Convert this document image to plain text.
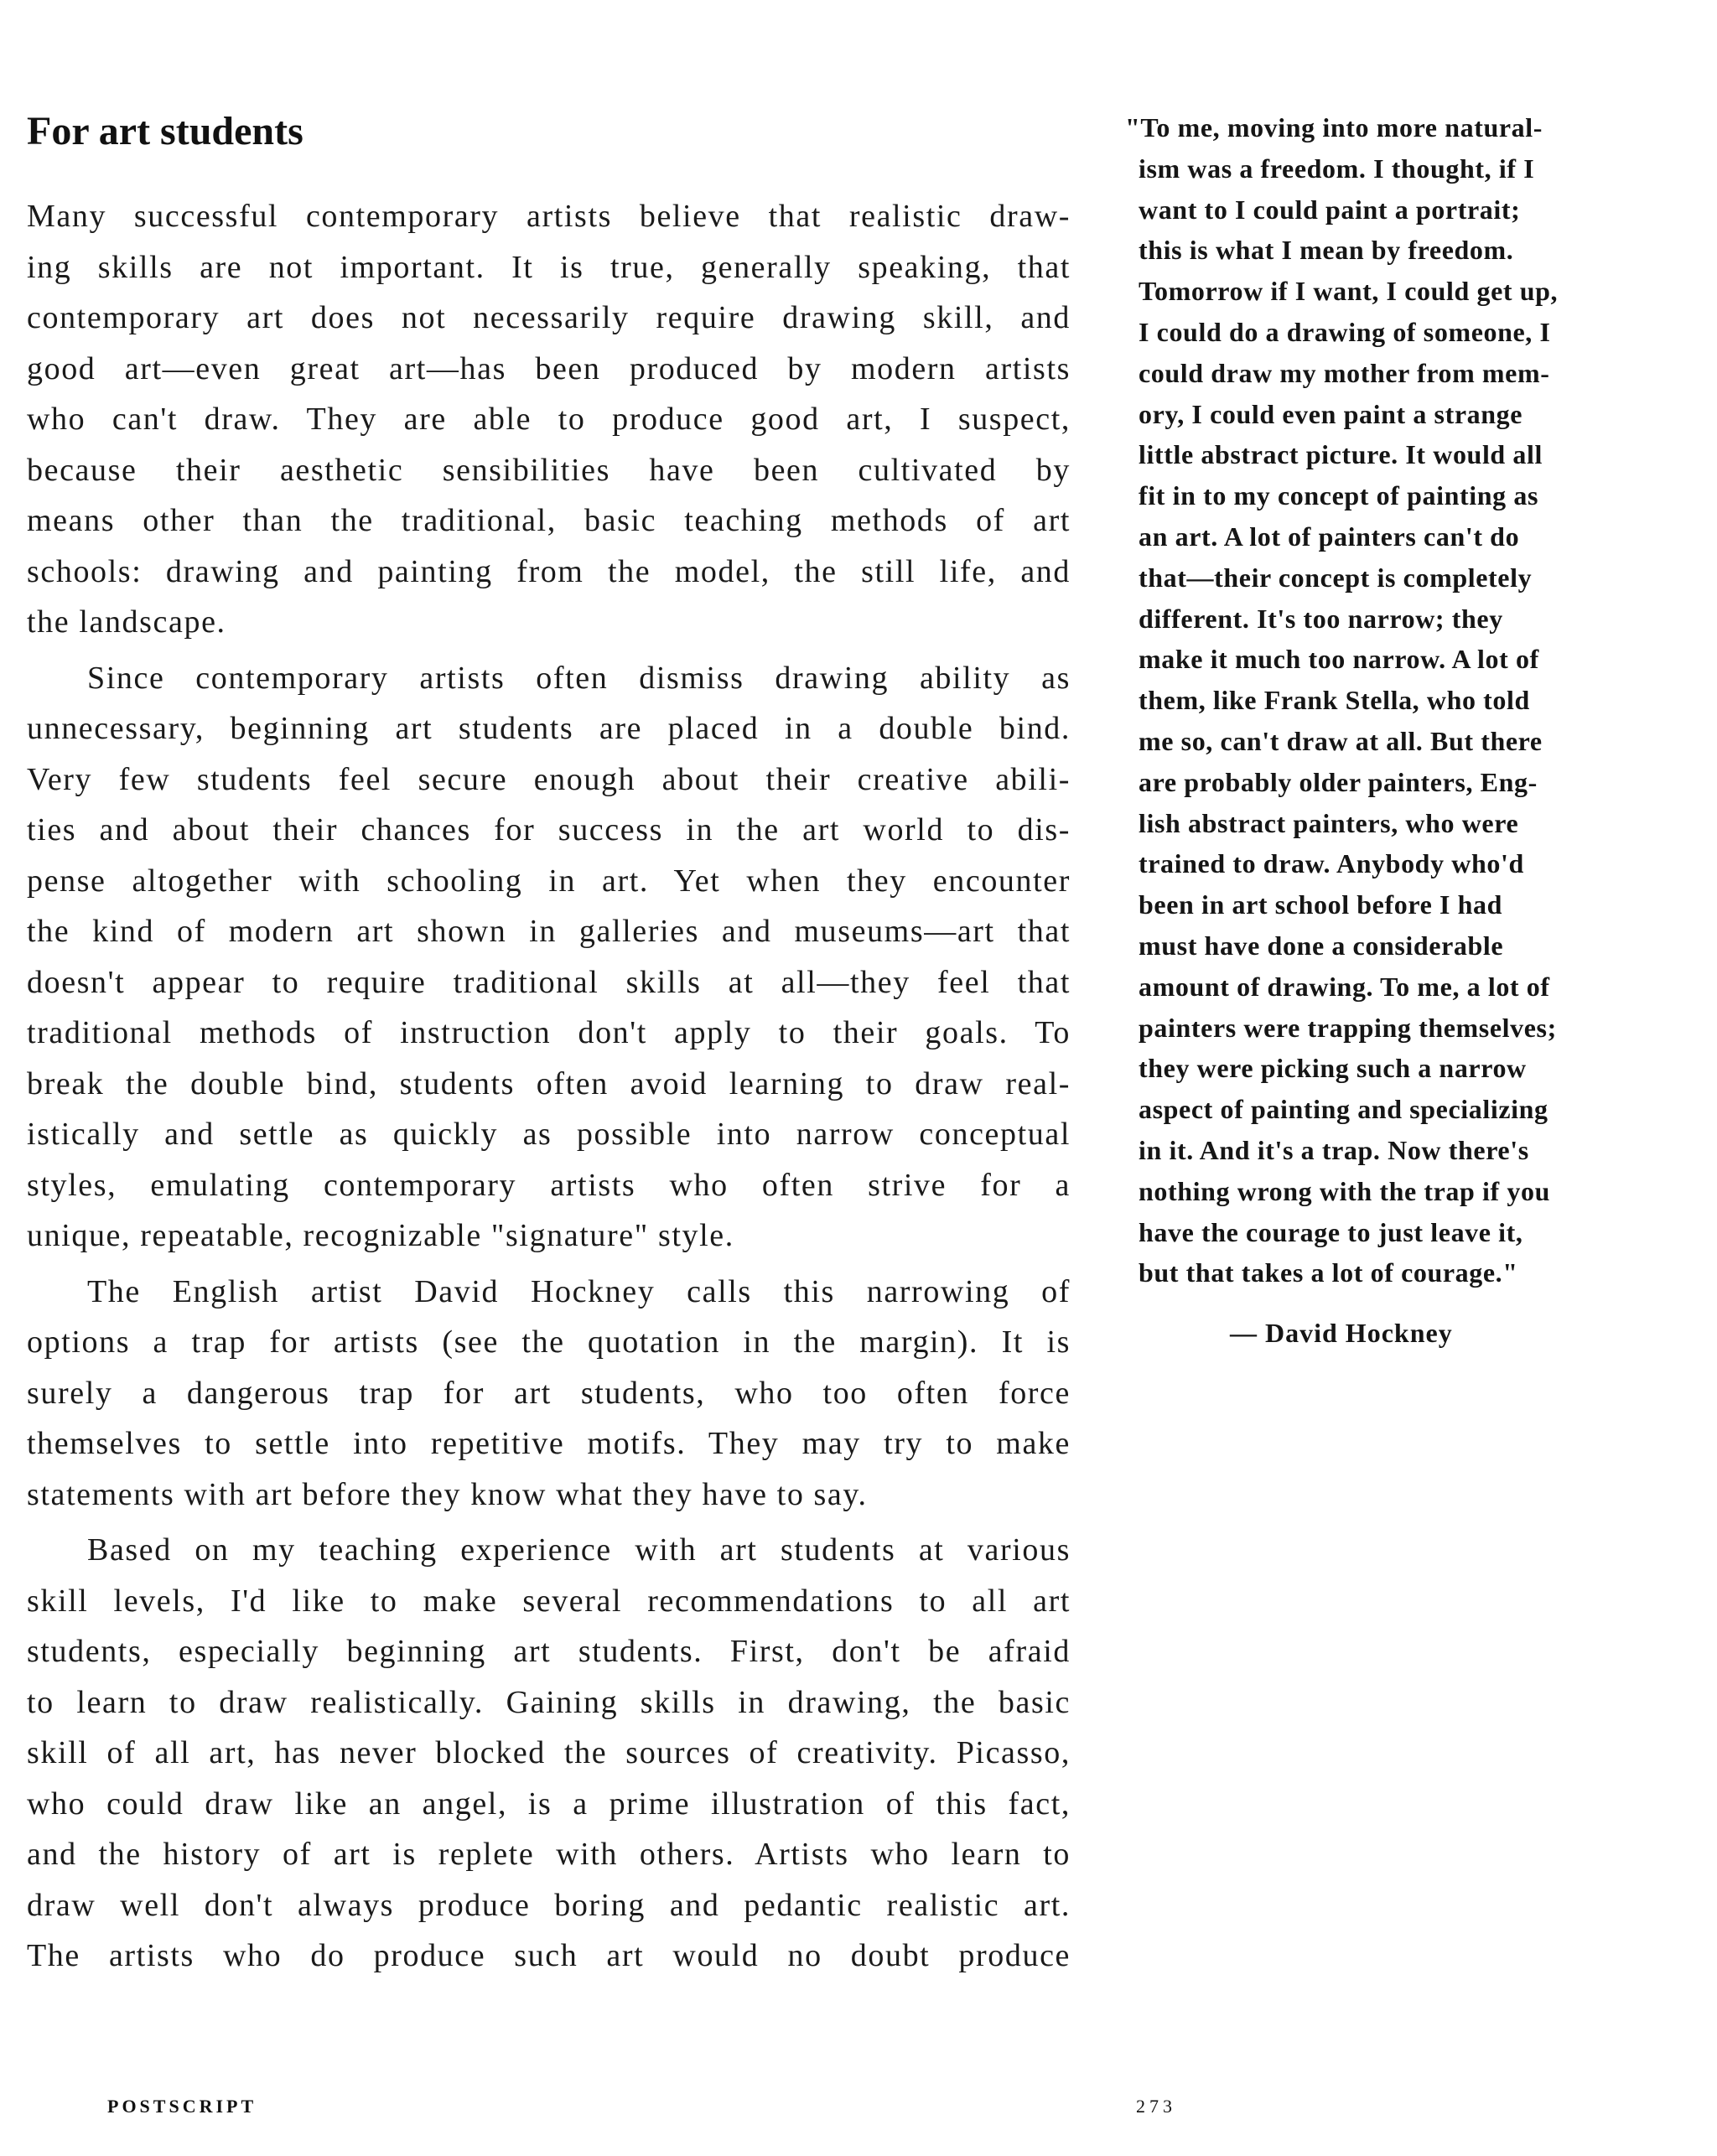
For art students
Many successful contemporary artists believe that realistic draw-
ing skills are not important. It is true, generally speaking, that
contemporary art does not necessarily require drawing skill, and
good art—even great art—has been produced by modern artists
who can't draw. They are able to produce good art, I suspect,
because their aesthetic sensibilities have been cultivated by
means other than the traditional, basic teaching methods of art
schools: drawing and painting from the model, the still life, and
the landscape.
Since contemporary artists often dismiss drawing ability as
unnecessary, beginning art students are placed in a double bind.
Very few students feel secure enough about their creative abili-
ties and about their chances for success in the art world to dis-
pense altogether with schooling in art. Yet when they encounter
the kind of modern art shown in galleries and museums—art that
doesn't appear to require traditional skills at all—they feel that
traditional methods of instruction don't apply to their goals. To
break the double bind, students often avoid learning to draw real-
istically and settle as quickly as possible into narrow conceptual
styles, emulating contemporary artists who often strive for a
unique, repeatable, recognizable "signature" style.
The English artist David Hockney calls this narrowing of
options a trap for artists (see the quotation in the margin). It is
surely a dangerous trap for art students, who too often force
themselves to settle into repetitive motifs. They may try to make
statements with art before they know what they have to say.
Based on my teaching experience with art students at various
skill levels, I'd like to make several recommendations to all art
students, especially beginning art students. First, don't be afraid
to learn to draw realistically. Gaining skills in drawing, the basic
skill of all art, has never blocked the sources of creativity. Picasso,
who could draw like an angel, is a prime illustration of this fact,
and the history of art is replete with others. Artists who learn to
draw well don't always produce boring and pedantic realistic art.
The artists who do produce such art would no doubt produce
"To me, moving into more natural-
ism was a freedom. I thought, if I
want to I could paint a portrait;
this is what I mean by freedom.
Tomorrow if I want, I could get up,
I could do a drawing of someone, I
could draw my mother from mem-
ory, I could even paint a strange
little abstract picture. It would all
fit in to my concept of painting as
an art. A lot of painters can't do
that—their concept is completely
different. It's too narrow; they
make it much too narrow. A lot of
them, like Frank Stella, who told
me so, can't draw at all. But there
are probably older painters, Eng-
lish abstract painters, who were
trained to draw. Anybody who'd
been in art school before I had
must have done a considerable
amount of drawing. To me, a lot of
painters were trapping themselves;
they were picking such a narrow
aspect of painting and specializing
in it. And it's a trap. Now there's
nothing wrong with the trap if you
have the courage to just leave it,
but that takes a lot of courage."
— David Hockney
POSTSCRIPT	273
